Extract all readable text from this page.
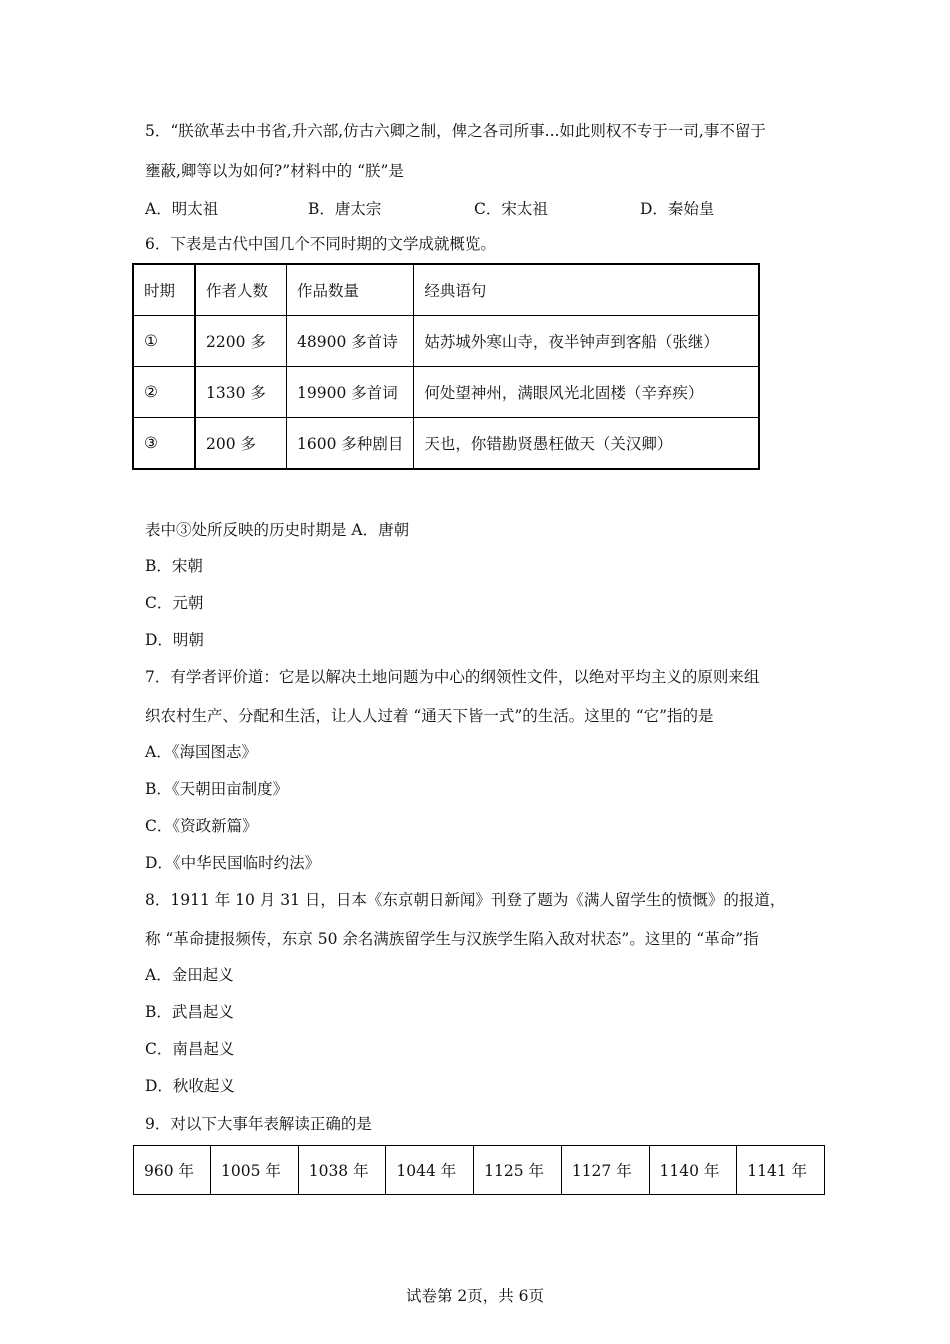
5．“朕欲革去中书省,升六部,仿古六卿之制，俾之各司所事...如此则权不专于一司,事不留于
壅蔽,卿等以为如何?”材料中的 “朕”是
A．明太祖	B．唐太宗	C．宋太祖	D．秦始皇
6．下表是古代中国几个不同时期的文学成就概览。
时期	作者人数	作品数量	经典语句
①	2200 多	48900 多首诗	姑苏城外寒山寺，夜半钟声到客船（张继）
②	1330 多	19900 多首词	何处望神州，满眼风光北固楼（辛弃疾）
③	200 多	1600 多种剧目	天也，你错勘贤愚枉做天（关汉卿）
表中③处所反映的历史时期是 A．唐朝
B．宋朝
C．元朝
D．明朝
7．有学者评价道：它是以解决土地问题为中心的纲领性文件，以绝对平均主义的原则来组
织农村生产、分配和生活，让人人过着 “通天下皆一式”的生活。这里的 “它”指的是
A．《海国图志》
B．《天朝田亩制度》
C．《资政新篇》
D．《中华民国临时约法》
8．1911 年 10 月 31 日，日本《东京朝日新闻》刊登了题为《满人留学生的愤慨》的报道，
称 “革命捷报频传，东京 50 余名满族留学生与汉族学生陷入敌对状态”。这里的 “革命”指
A．金田起义
B．武昌起义
C．南昌起义
D．秋收起义
9．对以下大事年表解读正确的是
960 年	1005 年	1038 年	1044 年	1125 年	1127 年	1140 年	1141 年
试卷第 2页，共 6页
